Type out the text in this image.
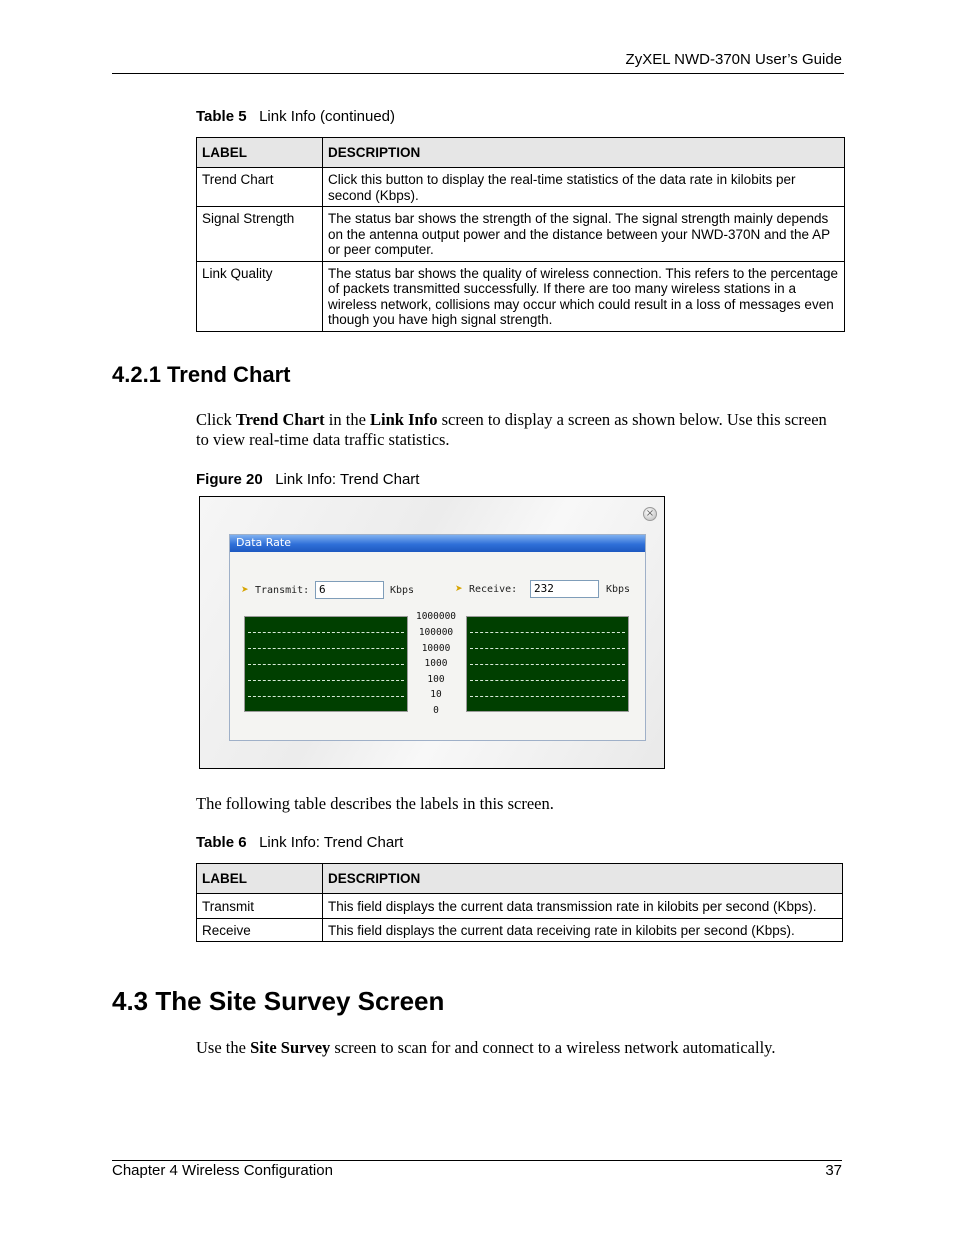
ZyXEL NWD-370N User’s Guide
Table 5 Link Info (continued)
LABEL	DESCRIPTION
Trend Chart	Click this button to display the real-time statistics of the data rate in kilobits per second (Kbps).
Signal Strength	The status bar shows the strength of the signal. The signal strength mainly depends on the antenna output power and the distance between your NWD-370N and the AP or peer computer.
Link Quality	The status bar shows the quality of wireless connection. This refers to the percentage of packets transmitted successfully. If there are too many wireless stations in a wireless network, collisions may occur which could result in a loss of messages even though you have high signal strength.
4.2.1 Trend Chart
Click Trend Chart in the Link Info screen to display a screen as shown below. Use this screen to view real-time data traffic statistics.
Figure 20 Link Info: Trend Chart
×
Data Rate
➤ Transmit: 6	Kbps	➤ Receive:	232	Kbps
1000000
100000
10000
1000
100
10
0
The following table describes the labels in this screen.
Table 6 Link Info: Trend Chart
LABEL	DESCRIPTION
Transmit	This field displays the current data transmission rate in kilobits per second (Kbps).
Receive	This field displays the current data receiving rate in kilobits per second (Kbps).
4.3 The Site Survey Screen
Use the Site Survey screen to scan for and connect to a wireless network automatically.
Chapter 4 Wireless Configuration	37
